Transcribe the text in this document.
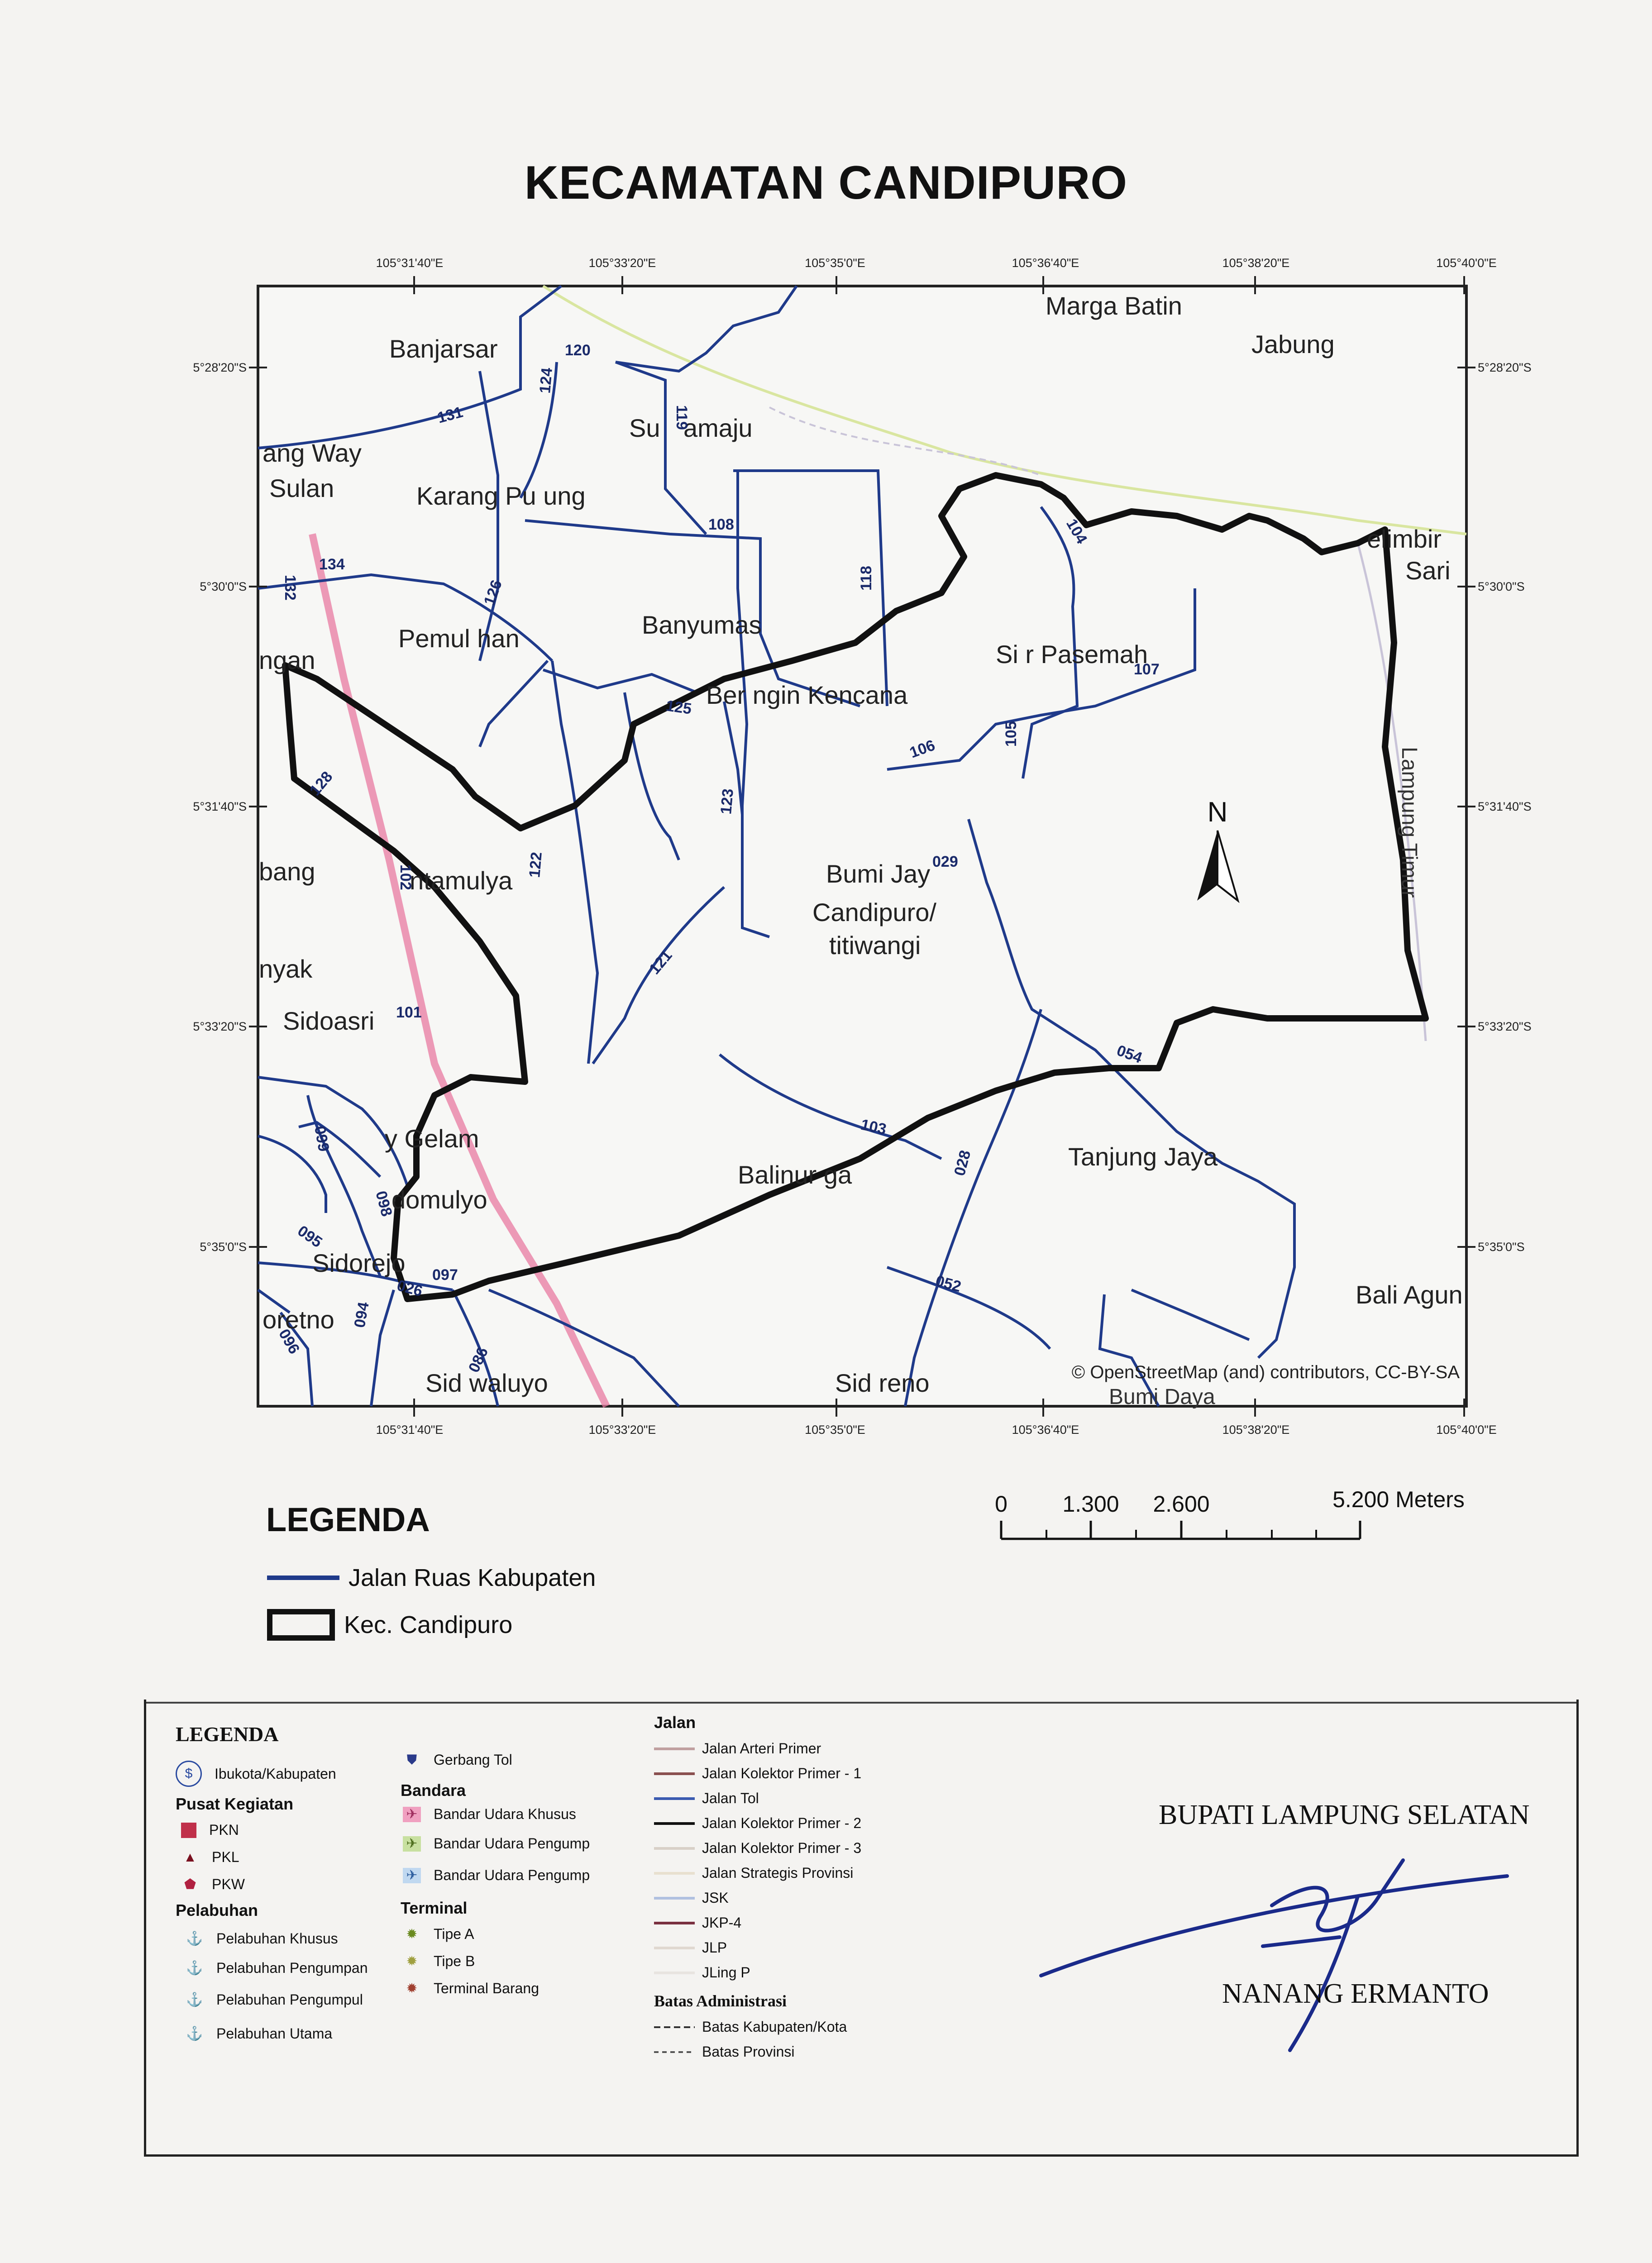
KECAMATAN CANDIPURO
105°31'40"E	105°33'20"E	105°35'0"E	105°36'40"E	105°38'20"E	105°40'0"E
105°31'40"E	105°33'20"E	105°35'0"E	105°36'40"E	105°38'20"E	105°40'0"E
5°28'20"S
5°30'0"S
5°31'40"S
5°33'20"S
5°35'0"S
5°28'20"S
5°30'0"S
5°31'40"S
5°33'20"S
5°35'0"S
Marga Batin
Jabung
Banjarsar
Su amaju
ang Way
Sulan	Karang Pu ung
Pemul han	Banyumas
Ber ngin Kencana
Si r Pasemah
elimbir
Sari
ngan
bang	ntamulya	Bumi Jay
Candipuro/
titiwangi
nyak
Sidoasri
y Gelam
domulyo
Balinur ga
Tanjung Jaya
Bali Agun
Sidorejo
oretno
Sid waluyo	Sid reno	Bumi Daya
Lampung Timur
120
124
131	119
108
118
104
132
134
126
107
125
105
106
123
128
102	122	029
121
101
099
098
103
028
054
095
026
097
096
094
086
052
N
© OpenStreetMap (and) contributors, CC-BY-SA
0 1.300 2.600	5.200 Meters
LEGENDA
Jalan Ruas Kabupaten
Kec. Candipuro
LEGENDA
$	Ibukota/Kabupaten
Pusat Kegiatan
PKN
▲ PKL
⬟ PKW
Pelabuhan
⚓ Pelabuhan Khusus
⚓ Pelabuhan Pengumpan
⚓ Pelabuhan Pengumpul
⚓ Pelabuhan Utama
⛊ Gerbang Tol
Bandara
✈ Bandar Udara Khusus
✈ Bandar Udara Pengump
✈ Bandar Udara Pengump
Terminal
✹ Tipe A
✹ Tipe B
✹ Terminal Barang
Jalan
Jalan Arteri Primer
Jalan Kolektor Primer - 1
Jalan Tol
Jalan Kolektor Primer - 2
Jalan Kolektor Primer - 3
Jalan Strategis Provinsi
JSK
JKP-4
JLP
JLing P
Batas Administrasi
Batas Kabupaten/Kota
Batas Provinsi
BUPATI LAMPUNG SELATAN
NANANG ERMANTO
